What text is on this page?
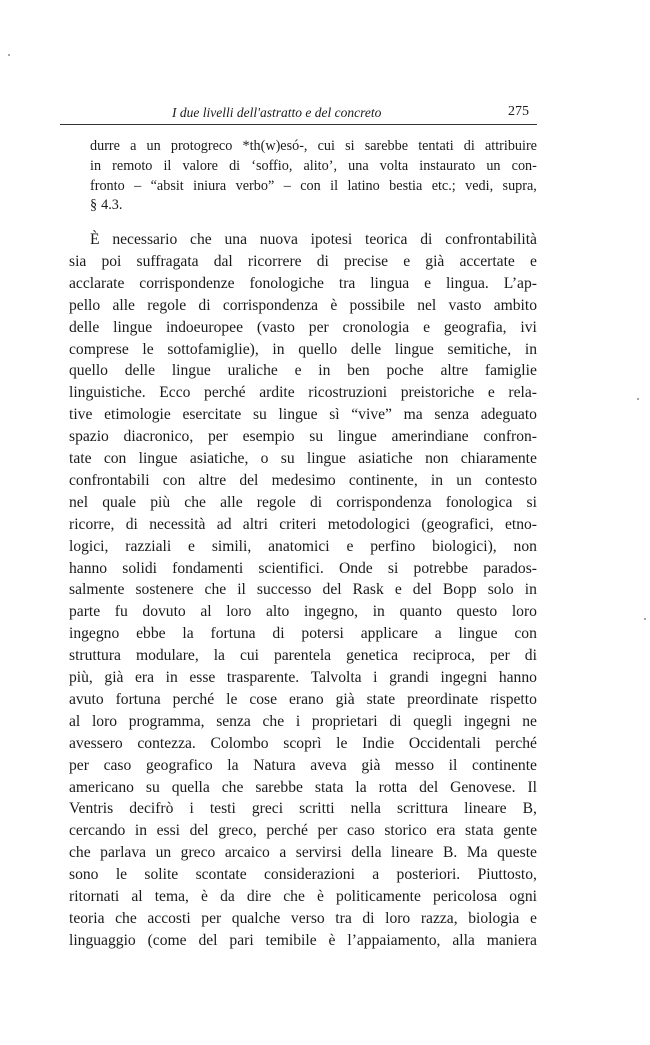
I due livelli dell'astratto e del concreto	275
durre a un protogreco *th(w)esó-, cui si sarebbe tentati di attribuire
in remoto il valore di ‘soffio, alito’, una volta instaurato un con-
fronto – “absit iniura verbo” – con il latino bestia etc.; vedi, supra,
§ 4.3.
È necessario che una nuova ipotesi teorica di confrontabilità
sia poi suffragata dal ricorrere di precise e già accertate e
acclarate corrispondenze fonologiche tra lingua e lingua. L’ap-
pello alle regole di corrispondenza è possibile nel vasto ambito
delle lingue indoeuropee (vasto per cronologia e geografia, ivi
comprese le sottofamiglie), in quello delle lingue semitiche, in
quello delle lingue uraliche e in ben poche altre famiglie
linguistiche. Ecco perché ardite ricostruzioni preistoriche e rela-
tive etimologie esercitate su lingue sì “vive” ma senza adeguato
spazio diacronico, per esempio su lingue amerindiane confron-
tate con lingue asiatiche, o su lingue asiatiche non chiaramente
confrontabili con altre del medesimo continente, in un contesto
nel quale più che alle regole di corrispondenza fonologica si
ricorre, di necessità ad altri criteri metodologici (geografici, etno-
logici, razziali e simili, anatomici e perfino biologici), non
hanno solidi fondamenti scientifici. Onde si potrebbe parados-
salmente sostenere che il successo del Rask e del Bopp solo in
parte fu dovuto al loro alto ingegno, in quanto questo loro
ingegno ebbe la fortuna di potersi applicare a lingue con
struttura modulare, la cui parentela genetica reciproca, per di
più, già era in esse trasparente. Talvolta i grandi ingegni hanno
avuto fortuna perché le cose erano già state preordinate rispetto
al loro programma, senza che i proprietari di quegli ingegni ne
avessero contezza. Colombo scoprì le Indie Occidentali perché
per caso geografico la Natura aveva già messo il continente
americano su quella che sarebbe stata la rotta del Genovese. Il
Ventris decifrò i testi greci scritti nella scrittura lineare B,
cercando in essi del greco, perché per caso storico era stata gente
che parlava un greco arcaico a servirsi della lineare B. Ma queste
sono le solite scontate considerazioni a posteriori. Piuttosto,
ritornati al tema, è da dire che è politicamente pericolosa ogni
teoria che accosti per qualche verso tra di loro razza, biologia e
linguaggio (come del pari temibile è l’appaiamento, alla maniera
